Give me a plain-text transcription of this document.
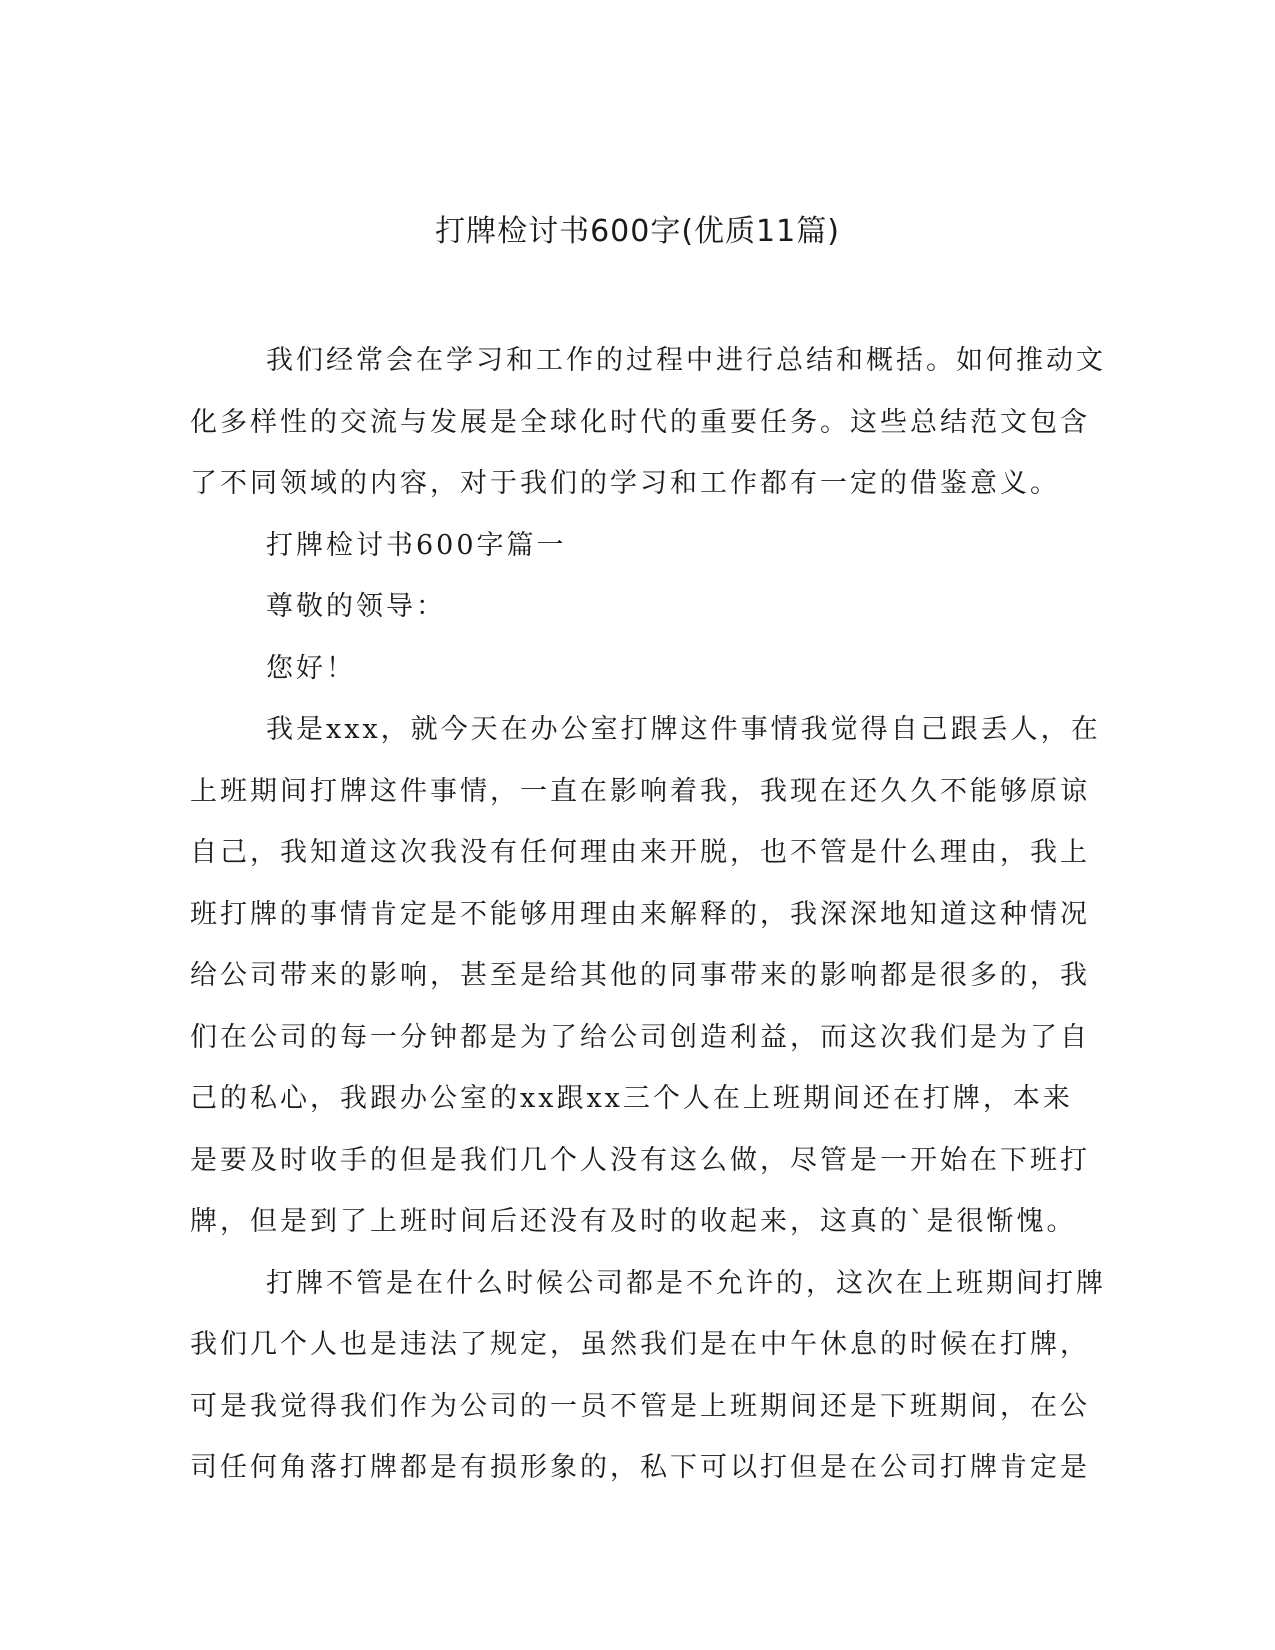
打牌检讨书600字(优质11篇)

我们经常会在学习和工作的过程中进行总结和概括。如何推动文
化多样性的交流与发展是全球化时代的重要任务。这些总结范文包含
了不同领域的内容，对于我们的学习和工作都有一定的借鉴意义。

打牌检讨书600字篇一

尊敬的领导：

您好！

我是xxx，就今天在办公室打牌这件事情我觉得自己跟丢人，在
上班期间打牌这件事情，一直在影响着我，我现在还久久不能够原谅
自己，我知道这次我没有任何理由来开脱，也不管是什么理由，我上
班打牌的事情肯定是不能够用理由来解释的，我深深地知道这种情况
给公司带来的影响，甚至是给其他的同事带来的影响都是很多的，我
们在公司的每一分钟都是为了给公司创造利益，而这次我们是为了自
己的私心，我跟办公室的xx跟xx三个人在上班期间还在打牌，本来
是要及时收手的但是我们几个人没有这么做，尽管是一开始在下班打
牌，但是到了上班时间后还没有及时的收起来，这真的`是很惭愧。

打牌不管是在什么时候公司都是不允许的，这次在上班期间打牌
我们几个人也是违法了规定，虽然我们是在中午休息的时候在打牌，
可是我觉得我们作为公司的一员不管是上班期间还是下班期间，在公
司任何角落打牌都是有损形象的，私下可以打但是在公司打牌肯定是
